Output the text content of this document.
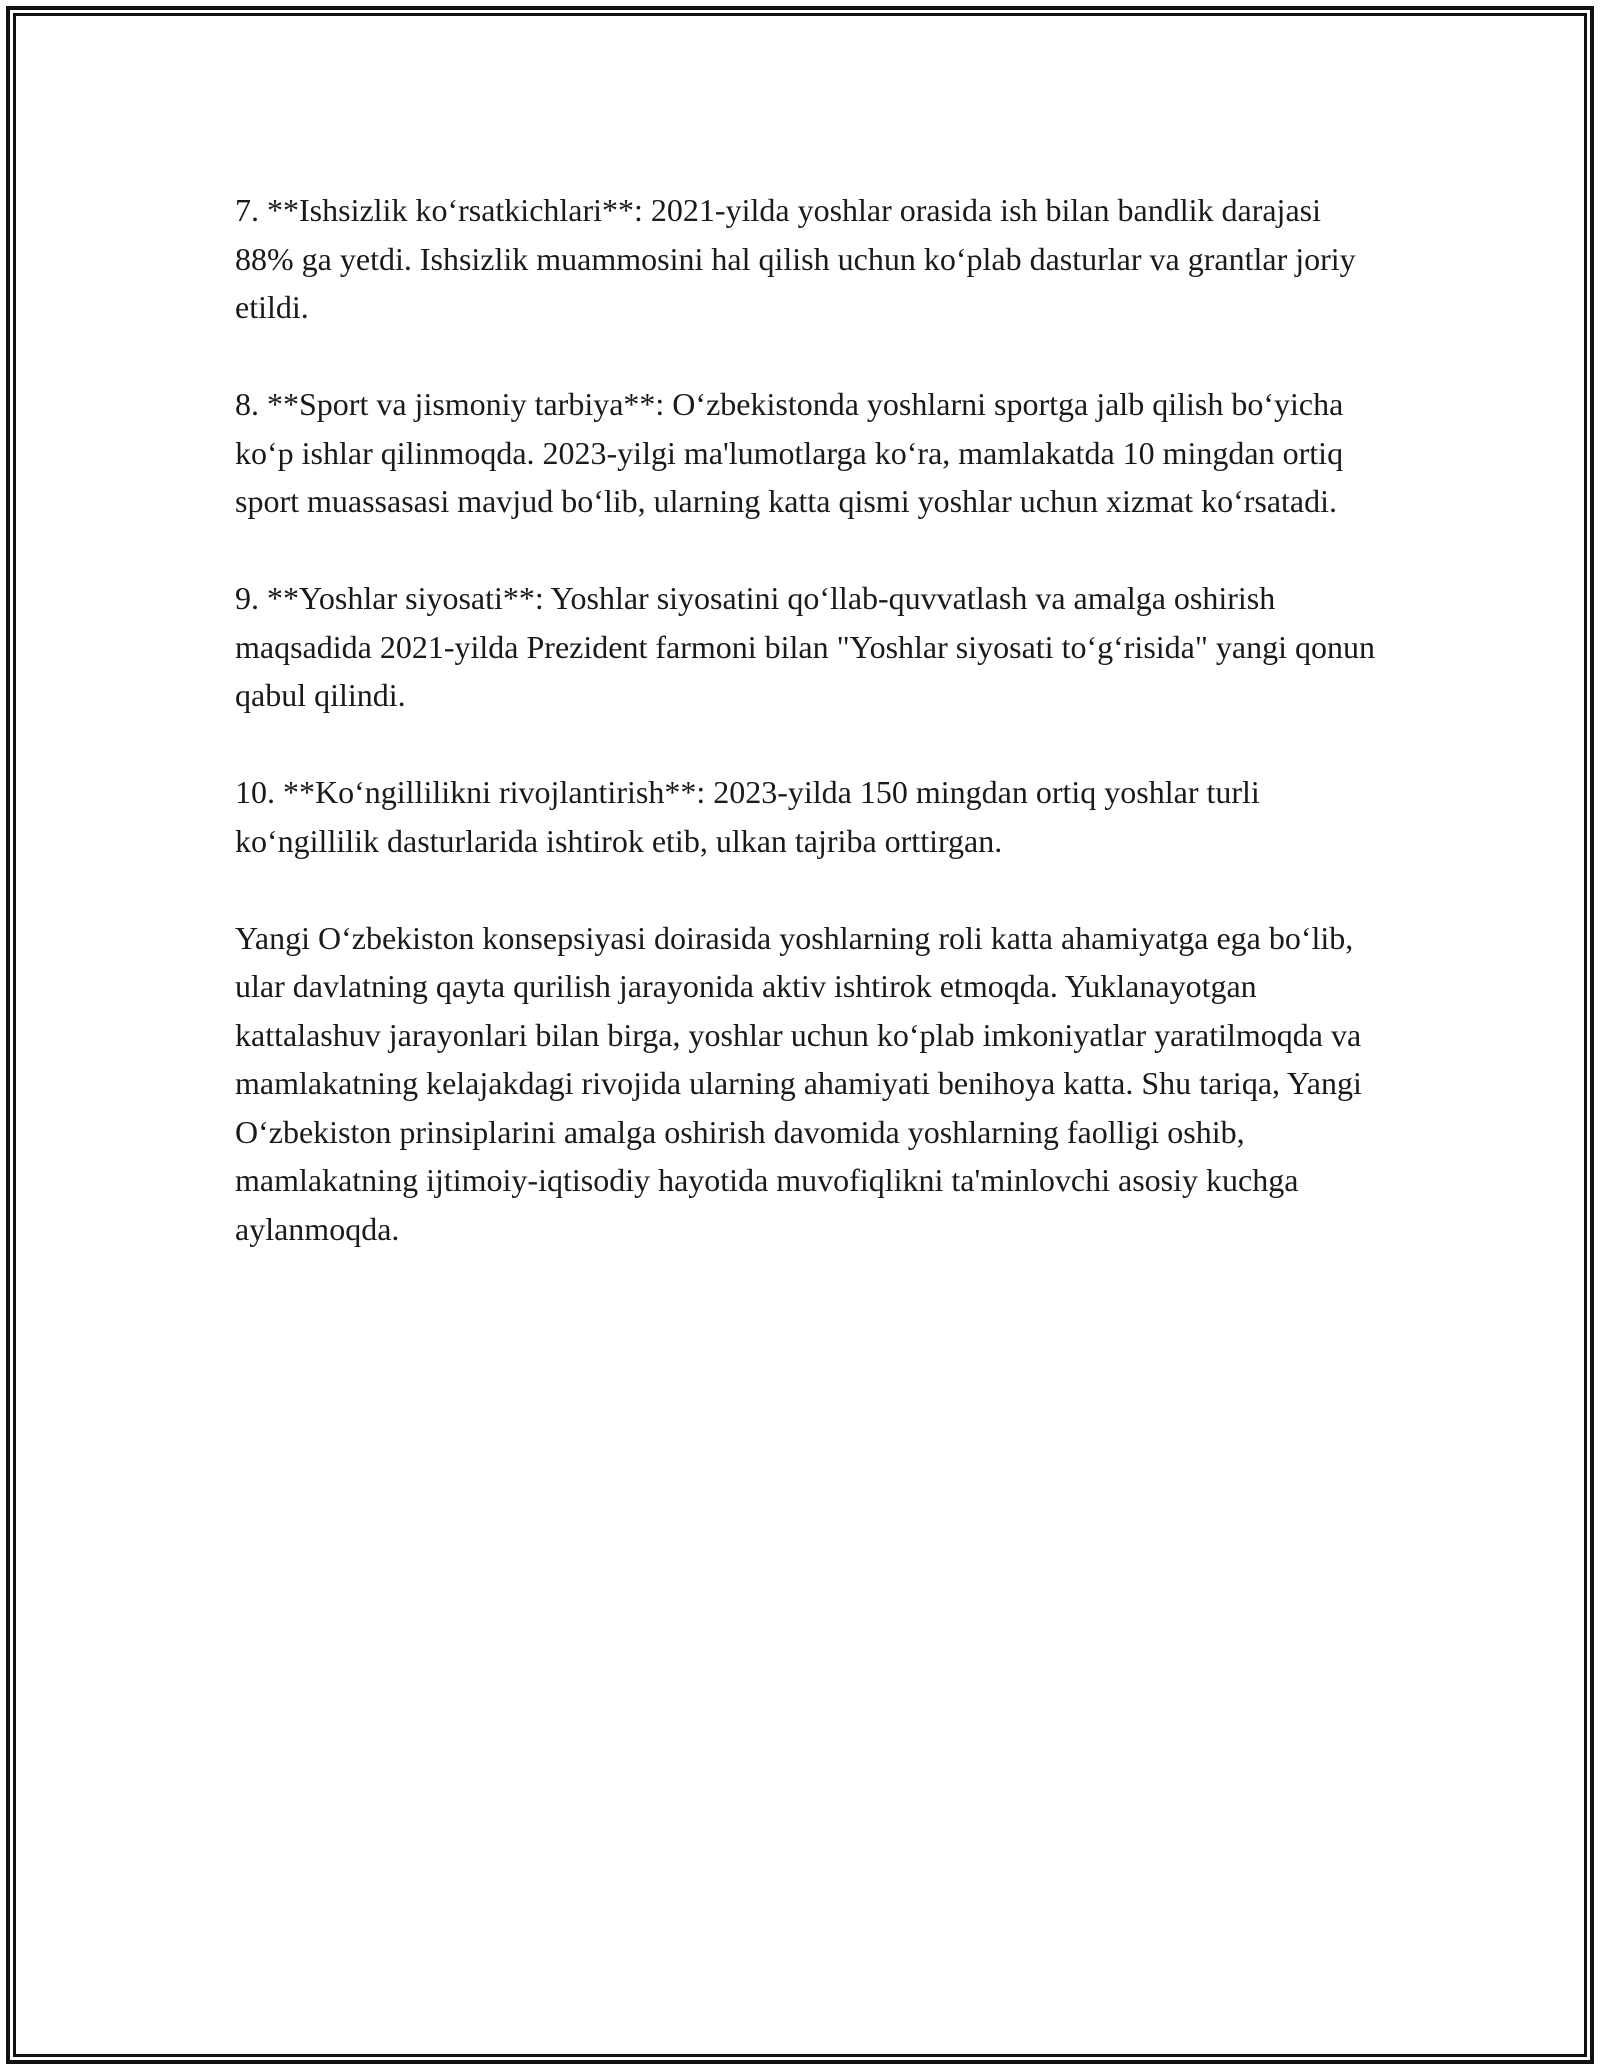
7. **Ishsizlik koʻrsatkichlari**: 2021-yilda yoshlar orasida ish bilan bandlik darajasi 88% ga yetdi. Ishsizlik muammosini hal qilish uchun koʻplab dasturlar va grantlar joriy etildi.

8. **Sport va jismoniy tarbiya**: Oʻzbekistonda yoshlarni sportga jalb qilish boʻyicha koʻp ishlar qilinmoqda. 2023-yilgi ma'lumotlarga koʻra, mamlakatda 10 mingdan ortiq sport muassasasi mavjud boʻlib, ularning katta qismi yoshlar uchun xizmat koʻrsatadi.

9. **Yoshlar siyosati**: Yoshlar siyosatini qoʻllab-quvvatlash va amalga oshirish maqsadida 2021-yilda Prezident farmoni bilan "Yoshlar siyosati toʻgʻrisida" yangi qonun qabul qilindi.

10. **Koʻngillilikni rivojlantirish**: 2023-yilda 150 mingdan ortiq yoshlar turli koʻngillilik dasturlarida ishtirok etib, ulkan tajriba orttirgan.

Yangi Oʻzbekiston konsepsiyasi doirasida yoshlarning roli katta ahamiyatga ega boʻlib, ular davlatning qayta qurilish jarayonida aktiv ishtirok etmoqda. Yuklanayotgan kattalashuv jarayonlari bilan birga, yoshlar uchun koʻplab imkoniyatlar yaratilmoqda va mamlakatning kelajakdagi rivojida ularning ahamiyati benihoya katta. Shu tariqa, Yangi Oʻzbekiston prinsiplarini amalga oshirish davomida yoshlarning faolligi oshib, mamlakatning ijtimoiy-iqtisodiy hayotida muvofiqlikni ta'minlovchi asosiy kuchga aylanmoqda.
